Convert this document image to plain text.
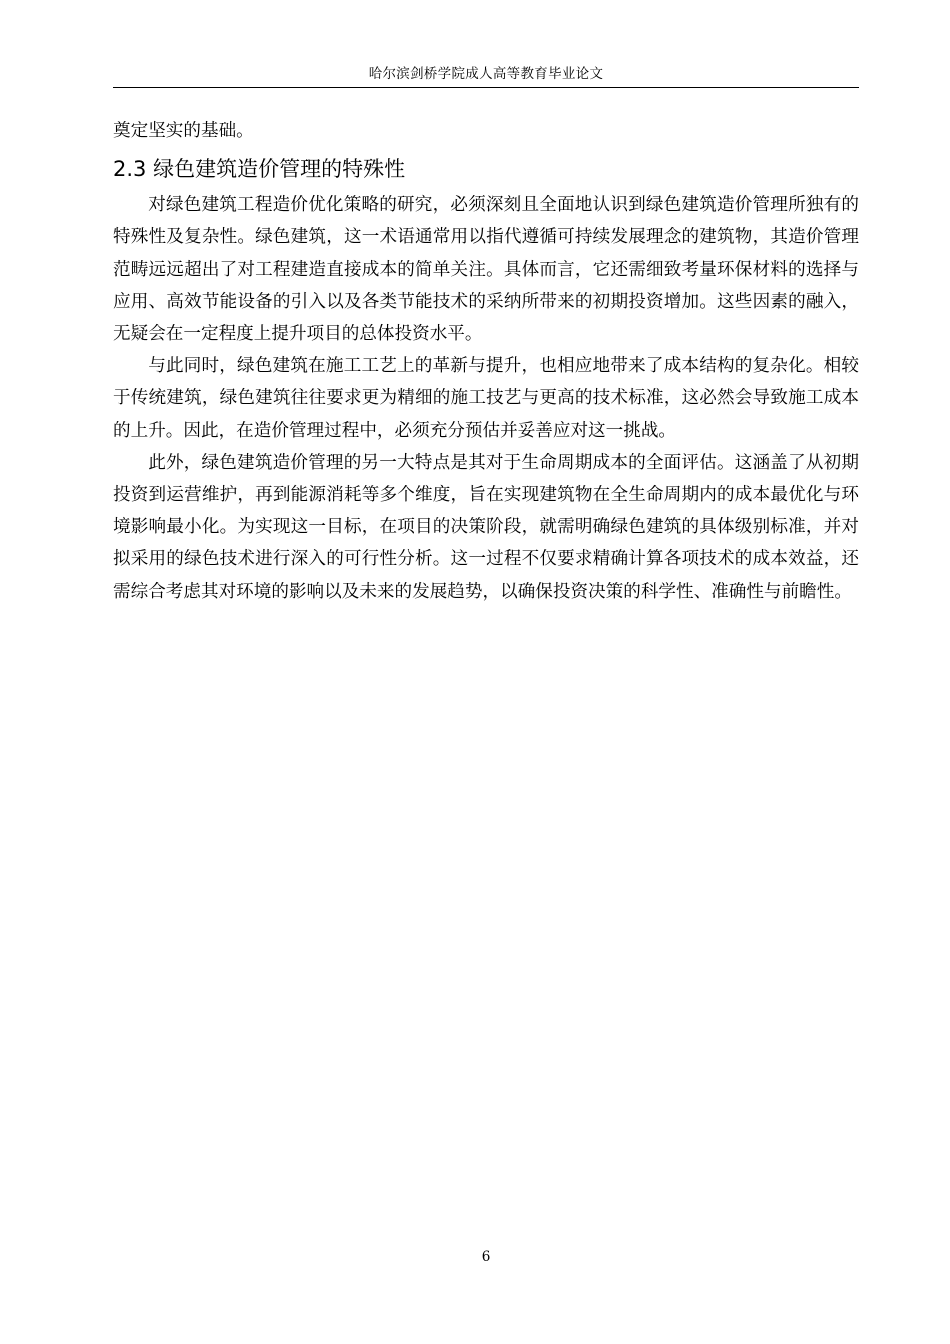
哈尔滨剑桥学院成人高等教育毕业论文

奠定坚实的基础。

2.3 绿色建筑造价管理的特殊性

对绿色建筑工程造价优化策略的研究，必须深刻且全面地认识到绿色建筑造价管理所独有的特殊性及复杂性。绿色建筑，这一术语通常用以指代遵循可持续发展理念的建筑物，其造价管理范畴远远超出了对工程建造直接成本的简单关注。具体而言，它还需细致考量环保材料的选择与应用、高效节能设备的引入以及各类节能技术的采纳所带来的初期投资增加。这些因素的融入，无疑会在一定程度上提升项目的总体投资水平。

与此同时，绿色建筑在施工工艺上的革新与提升，也相应地带来了成本结构的复杂化。相较于传统建筑，绿色建筑往往要求更为精细的施工技艺与更高的技术标准，这必然会导致施工成本的上升。因此，在造价管理过程中，必须充分预估并妥善应对这一挑战。

此外，绿色建筑造价管理的另一大特点是其对于生命周期成本的全面评估。这涵盖了从初期投资到运营维护，再到能源消耗等多个维度，旨在实现建筑物在全生命周期内的成本最优化与环境影响最小化。为实现这一目标，在项目的决策阶段，就需明确绿色建筑的具体级别标准，并对拟采用的绿色技术进行深入的可行性分析。这一过程不仅要求精确计算各项技术的成本效益，还需综合考虑其对环境的影响以及未来的发展趋势，以确保投资决策的科学性、准确性与前瞻性。

6
